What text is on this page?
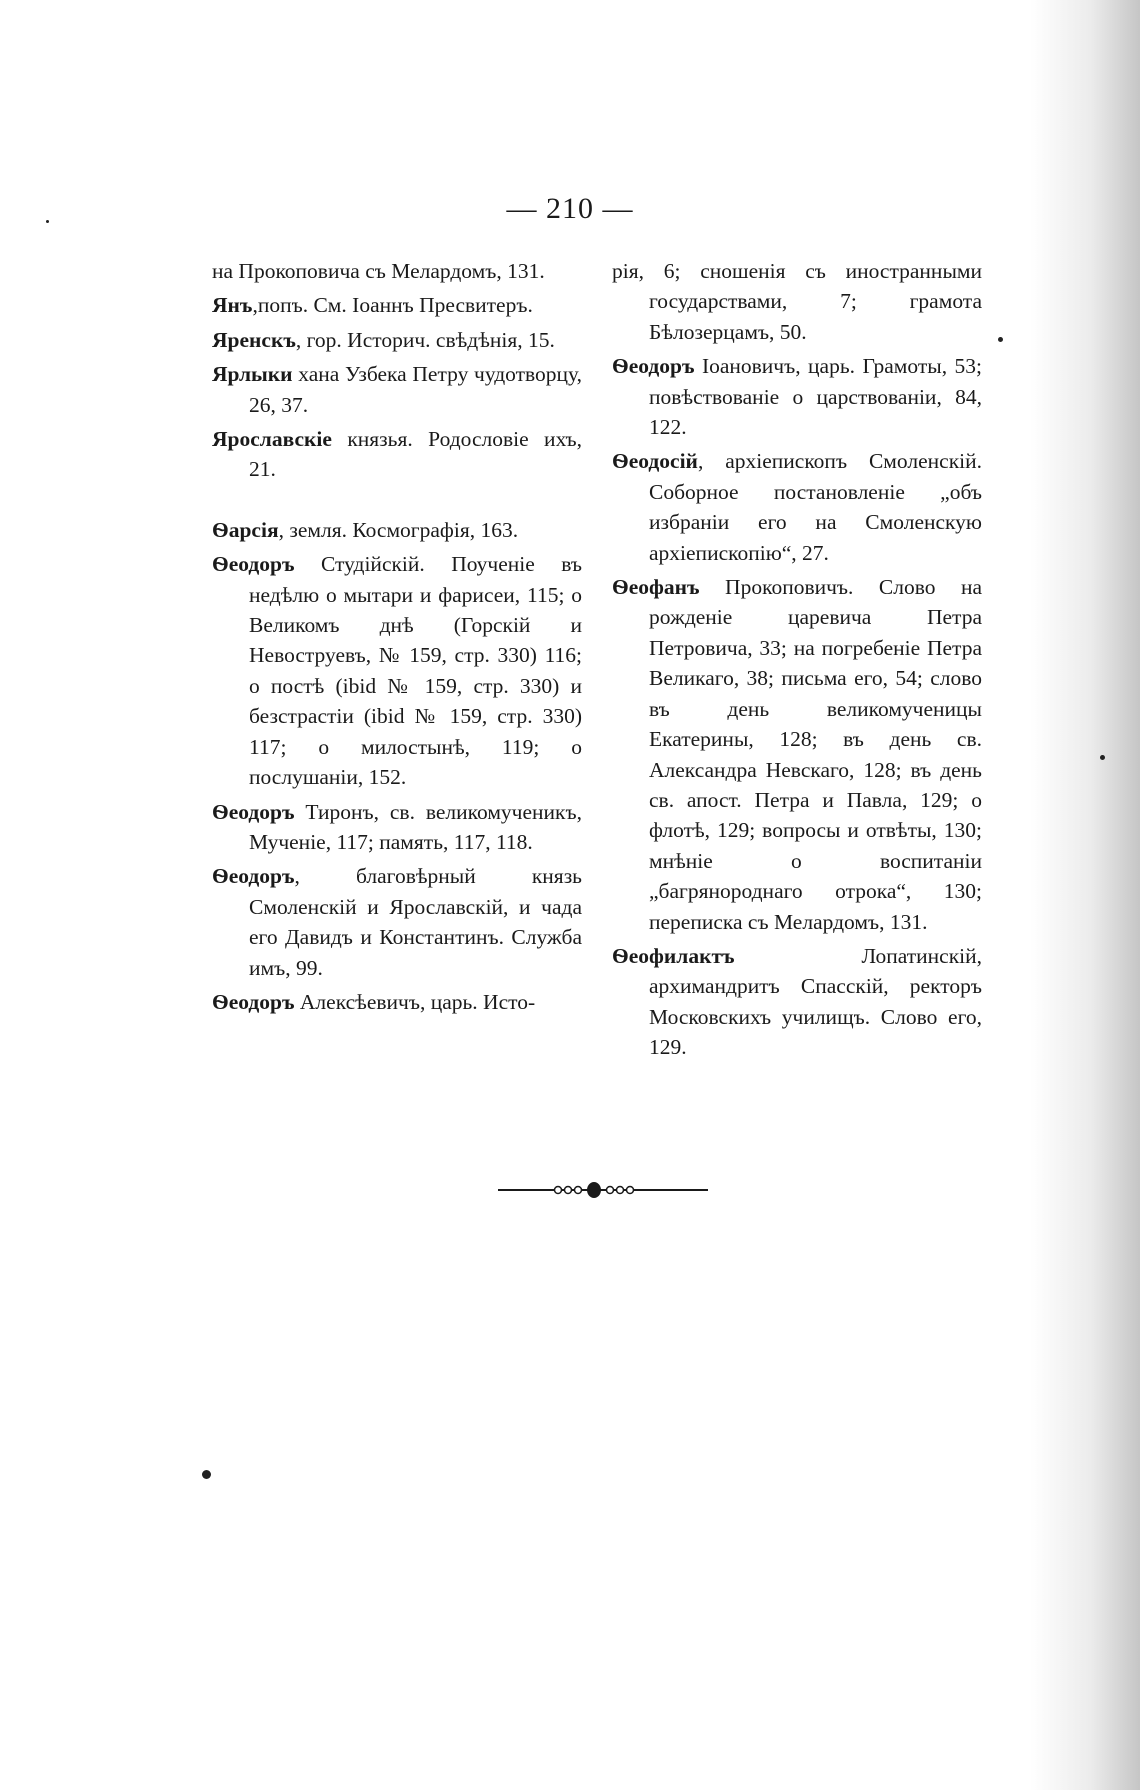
— 210 —

на Прокоповича съ Мелардомъ, 131.

Янъ,попъ. См. Іоаннъ Пресвитеръ.

Яренскъ, гор. Историч. свѣдѣнія, 15.

Ярлыки хана Узбека Петру чудотворцу, 26, 37.

Ярославскіе князья. Родословіе ихъ, 21.

Ѳарсія, земля. Космографія, 163.

Ѳеодоръ Студійскій. Поученіе въ недѣлю о мытари и фарисеи, 115; о Великомъ днѣ (Горскій и Невоструевъ, № 159, стр. 330) 116; о постѣ (ibid № 159, стр. 330) и безстрастіи (ibid № 159, стр. 330) 117; о милостынѣ, 119; о послушаніи, 152.

Ѳеодоръ Тиронъ, св. великомученикъ, Мученіе, 117; память, 117, 118.

Ѳеодоръ, благовѣрный князь Смоленскій и Ярославскій, и чада его Давидъ и Константинъ. Служба имъ, 99.

Ѳеодоръ Алексѣевичъ, царь. Исто-

рія, 6; сношенія съ иностранными государствами, 7; грамота Бѣлозерцамъ, 50.

Ѳеодоръ Іоановичъ, царь. Грамоты, 53; повѣствованіе о царствованіи, 84, 122.

Ѳеодосій, архіепископъ Смоленскій. Соборное постановленіе „объ избраніи его на Смоленскую архіепископію“, 27.

Ѳеофанъ Прокоповичъ. Слово на рожденіе царевича Петра Петровича, 33; на погребеніе Петра Великаго, 38; письма его, 54; слово въ день великомученицы Екатерины, 128; въ день св. Александра Невскаго, 128; въ день св. апост. Петра и Павла, 129; о флотѣ, 129; вопросы и отвѣты, 130; мнѣніе о воспитаніи „багрянороднаго отрока“, 130; переписка съ Мелардомъ, 131.

Ѳеофилактъ Лопатинскій, архимандритъ Спасскій, ректоръ Московскихъ училищъ. Слово его, 129.
